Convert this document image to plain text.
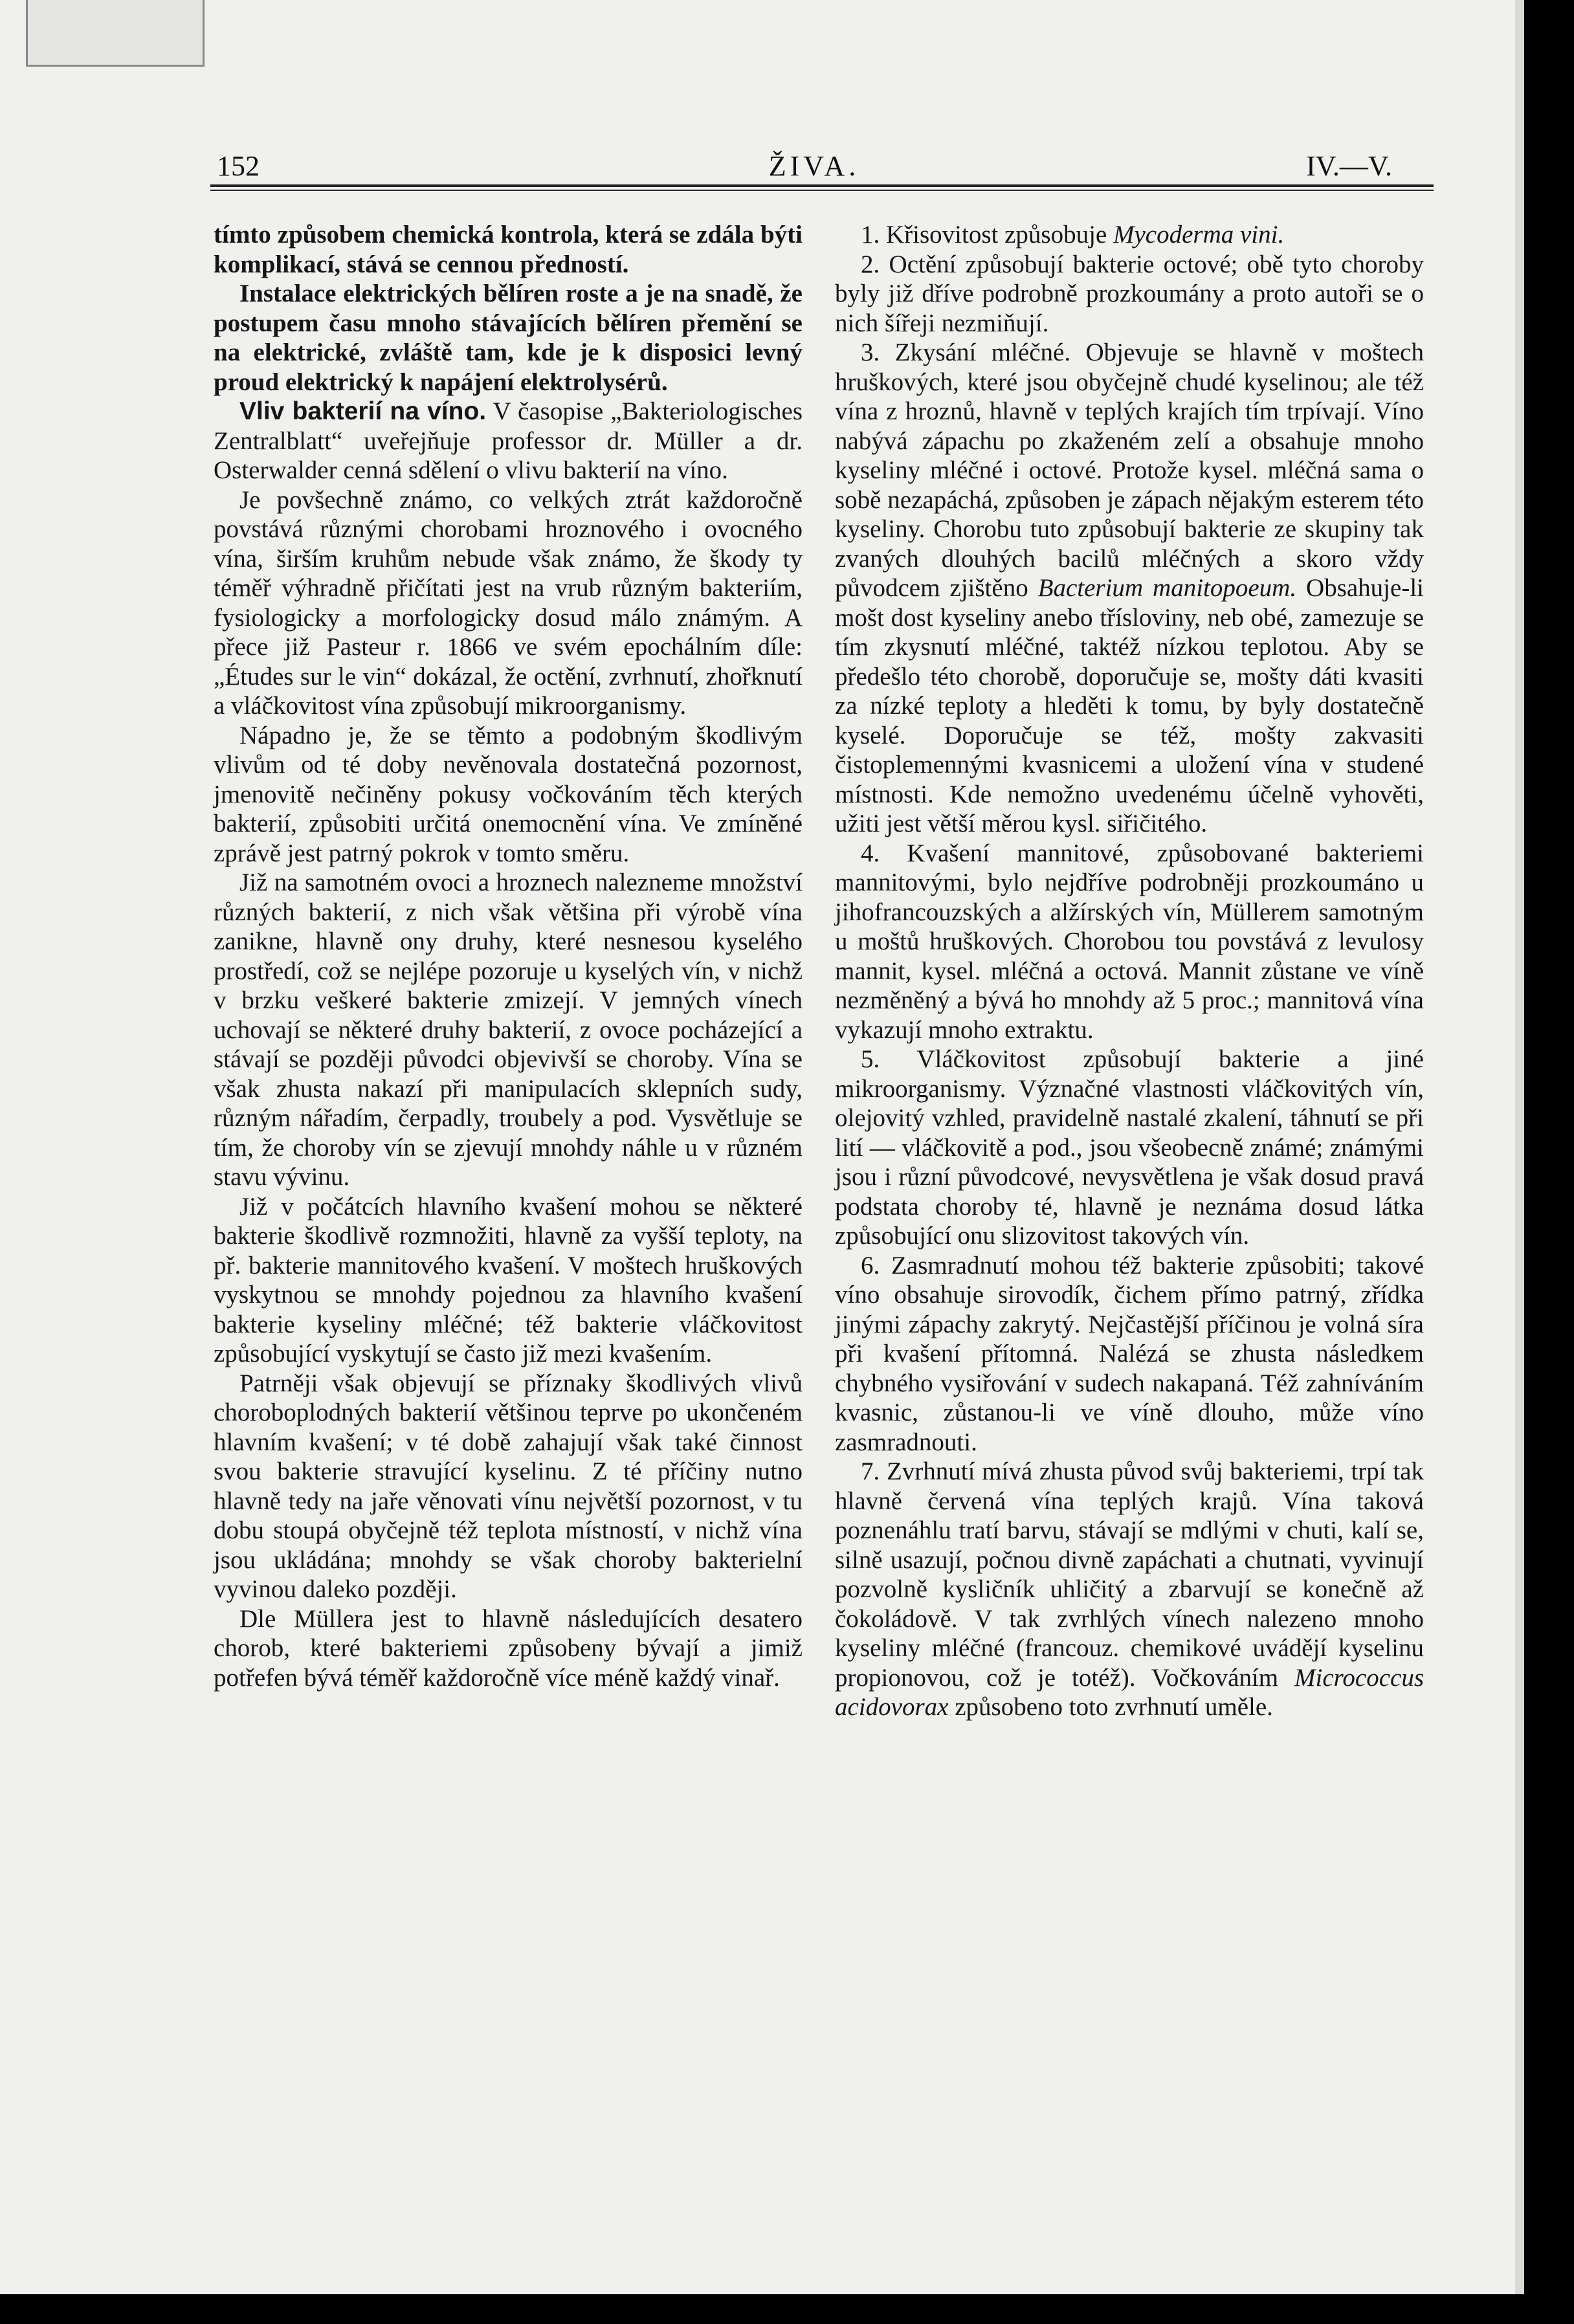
152	ŽIVA.	IV.—V.

tímto způsobem chemická kontrola, která se zdála býti komplikací, stává se cennou předností.

Instalace elektrických bělíren roste a je na snadě, že postupem času mnoho stávajících bělíren přemění se na elektrické, zvláště tam, kde je k disposici levný proud elektrický k napájení elektrolysérů.

Vliv bakterií na víno. V časopise „Bakteriologisches Zentralblatt“ uveřejňuje professor dr. Müller a dr. Osterwalder cenná sdělení o vlivu bakterií na víno.

Je povšechně známo, co velkých ztrát každoročně povstává různými chorobami hroznového i ovocného vína, širším kruhům nebude však známo, že škody ty téměř výhradně přičítati jest na vrub různým bakteriím, fysiologicky a morfologicky dosud málo známým. A přece již Pasteur r. 1866 ve svém epochálním díle: „Études sur le vin“ dokázal, že octění, zvrhnutí, zhořknutí a vláčkovitost vína způsobují mikroorganismy.

Nápadno je, že se těmto a podobným škodlivým vlivům od té doby nevěnovala dostatečná pozornost, jmenovitě nečiněny pokusy vočkováním těch kterých bakterií, způsobiti určitá onemocnění vína. Ve zmíněné zprávě jest patrný pokrok v tomto směru.

Již na samotném ovoci a hroznech nalezneme množství různých bakterií, z nich však většina při výrobě vína zanikne, hlavně ony druhy, které nesnesou kyselého prostředí, což se nejlépe pozoruje u kyselých vín, v nichž v brzku veškeré bakterie zmizejí. V jemných vínech uchovají se některé druhy bakterií, z ovoce pocházející a stávají se později původci objevivší se choroby. Vína se však zhusta nakazí při manipulacích sklepních sudy, různým nářadím, čerpadly, troubely a pod. Vysvětluje se tím, že choroby vín se zjevují mnohdy náhle u v různém stavu vývinu.

Již v počátcích hlavního kvašení mohou se některé bakterie škodlivě rozmnožiti, hlavně za vyšší teploty, na př. bakterie mannitového kvašení. V moštech hruškových vyskytnou se mnohdy pojednou za hlavního kvašení bakterie kyseliny mléčné; též bakterie vláčkovitost způsobující vyskytují se často již mezi kvašením.

Patrněji však objevují se příznaky škodlivých vlivů choroboplodných bakterií většinou teprve po ukončeném hlavním kvašení; v té době zahajují však také činnost svou bakterie stravující kyselinu. Z té příčiny nutno hlavně tedy na jaře věnovati vínu největší pozornost, v tu dobu stoupá obyčejně též teplota místností, v nichž vína jsou ukládána; mnohdy se však choroby bakterielní vyvinou daleko později.

Dle Müllera jest to hlavně následujících desatero chorob, které bakteriemi způsobeny bývají a jimiž potřefen bývá téměř každoročně více méně každý vinař.

1. Křisovitost způsobuje Mycoderma vini.

2. Octění způsobují bakterie octové; obě tyto choroby byly již dříve podrobně prozkoumány a proto autoři se o nich šířeji nezmiňují.

3. Zkysání mléčné. Objevuje se hlavně v moštech hruškových, které jsou obyčejně chudé kyselinou; ale též vína z hroznů, hlavně v teplých krajích tím trpívají. Víno nabývá zápachu po zkaženém zelí a obsahuje mnoho kyseliny mléčné i octové. Protože kysel. mléčná sama o sobě nezapáchá, způsoben je zápach nějakým esterem této kyseliny. Chorobu tuto způsobují bakterie ze skupiny tak zvaných dlouhých bacilů mléčných a skoro vždy původcem zjištěno Bacterium manitopoeum. Obsahuje-li mošt dost kyseliny anebo tříslovinу, neb obé, zamezuje se tím zkysnutí mléčné, taktéž nízkou teplotou. Aby se předešlo této chorobě, doporučuje se, mošty dáti kvasiti za nízké teploty a hleděti k tomu, by byly dostatečně kyselé. Doporučuje se též, mošty zakvasiti čistoplemennými kvasnicemi a uložení vína v studené místnosti. Kde nemožno uvedenému účelně vyhověti, užiti jest větší měrou kysl. siřičitého.

4. Kvašení mannitové, způsobované bakteriemi mannitovými, bylo nejdříve podrobněji prozkoumáno u jihofrancouzských a alžírských vín, Müllerem samotným u moštů hruškových. Chorobou tou povstává z levulosy mannit, kysel. mléčná a octová. Mannit zůstane ve víně nezměněný a bývá ho mnohdy až 5 proc.; mannitová vína vykazují mnoho extraktu.

5. Vláčkovitost způsobují bakterie a jiné mikroorganismy. Význačné vlastnosti vláčkovitých vín, olejovitý vzhled, pravidelně nastalé zkalení, táhnutí se při lití — vláčkovitě a pod., jsou všeobecně známé; známými jsou i různí původcové, nevysvětlena je však dosud pravá podstata choroby té, hlavně je neznáma dosud látka způsobující onu slizovitost takových vín.

6. Zasmradnutí mohou též bakterie způsobiti; takové víno obsahuje sirovodík, čichem přímo patrný, zřídka jinými zápachy zakrytý. Nejčastější příčinou je volná síra při kvašení přítomná. Nalézá se zhusta následkem chybného vysiřování v sudech nakapaná. Též zahníváním kvasnic, zůstanou-li ve víně dlouho, může víno zasmradnouti.

7. Zvrhnutí mívá zhusta původ svůj bakteriemi, trpí tak hlavně červená vína teplých krajů. Vína taková poznenáhlu tratí barvu, stávají se mdlými v chuti, kalí se, silně usazují, počnou divně zapáchati a chutnati, vyvinují pozvolně kysličník uhličitý a zbarvují se konečně až čokoládově. V tak zvrhlých vínech nalezeno mnoho kyseliny mléčné (francouz. chemikové uvádějí kyselinu propionovou, což je totéž). Vočkováním Micrococcus acidovorax způsobeno toto zvrhnutí uměle.
